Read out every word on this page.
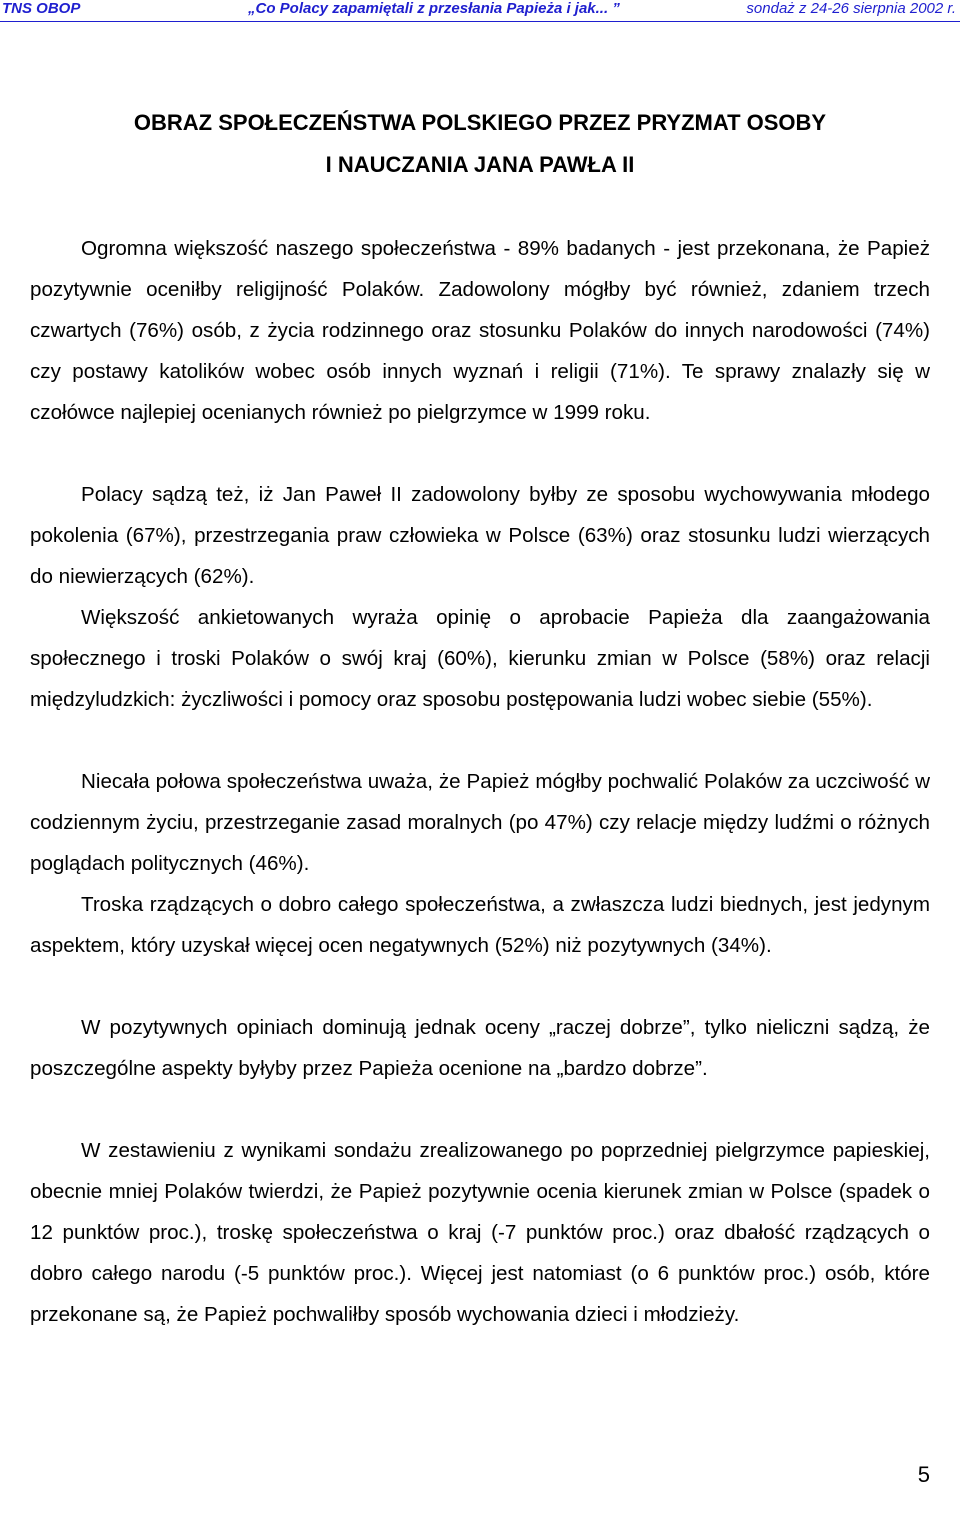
TNS OBOP	„Co Polacy zapamiętali z przesłania Papieża i jak... ”	sondaż z 24-26 sierpnia 2002 r.
OBRAZ SPOŁECZEŃSTWA POLSKIEGO PRZEZ PRYZMAT OSOBY
I NAUCZANIA JANA PAWŁA II

Ogromna większość naszego społeczeństwa - 89% badanych - jest przekonana, że Papież pozytywnie oceniłby religijność Polaków. Zadowolony mógłby być również, zdaniem trzech czwartych (76%) osób, z życia rodzinnego oraz stosunku Polaków do innych narodowości (74%) czy postawy katolików wobec osób innych wyznań i religii (71%). Te sprawy znalazły się w czołówce najlepiej ocenianych również po pielgrzymce w 1999 roku.

Polacy sądzą też, iż Jan Paweł II zadowolony byłby ze sposobu wychowywania młodego pokolenia (67%), przestrzegania praw człowieka w Polsce (63%) oraz stosunku ludzi wierzących do niewierzących (62%).

Większość ankietowanych wyraża opinię o aprobacie Papieża dla zaangażowania społecznego i troski Polaków o swój kraj (60%), kierunku zmian w Polsce (58%) oraz relacji międzyludzkich: życzliwości i pomocy oraz sposobu postępowania ludzi wobec siebie (55%).

Niecała połowa społeczeństwa uważa, że Papież mógłby pochwalić Polaków za uczciwość w codziennym życiu, przestrzeganie zasad moralnych (po 47%) czy relacje między ludźmi o różnych poglądach politycznych (46%).

Troska rządzących o dobro całego społeczeństwa, a zwłaszcza ludzi biednych, jest jedynym aspektem, który uzyskał więcej ocen negatywnych (52%) niż pozytywnych (34%).

W pozytywnych opiniach dominują jednak oceny „raczej dobrze”, tylko nieliczni sądzą, że poszczególne aspekty byłyby przez Papieża ocenione na „bardzo dobrze”.

W zestawieniu z wynikami sondażu zrealizowanego po poprzedniej pielgrzymce papieskiej, obecnie mniej Polaków twierdzi, że Papież pozytywnie ocenia kierunek zmian w Polsce (spadek o 12 punktów proc.), troskę społeczeństwa o kraj (-7 punktów proc.) oraz dbałość rządzących o dobro całego narodu (-5 punktów proc.). Więcej jest natomiast (o 6 punktów proc.) osób, które przekonane są, że Papież pochwaliłby sposób wychowania dzieci i młodzieży.

5
